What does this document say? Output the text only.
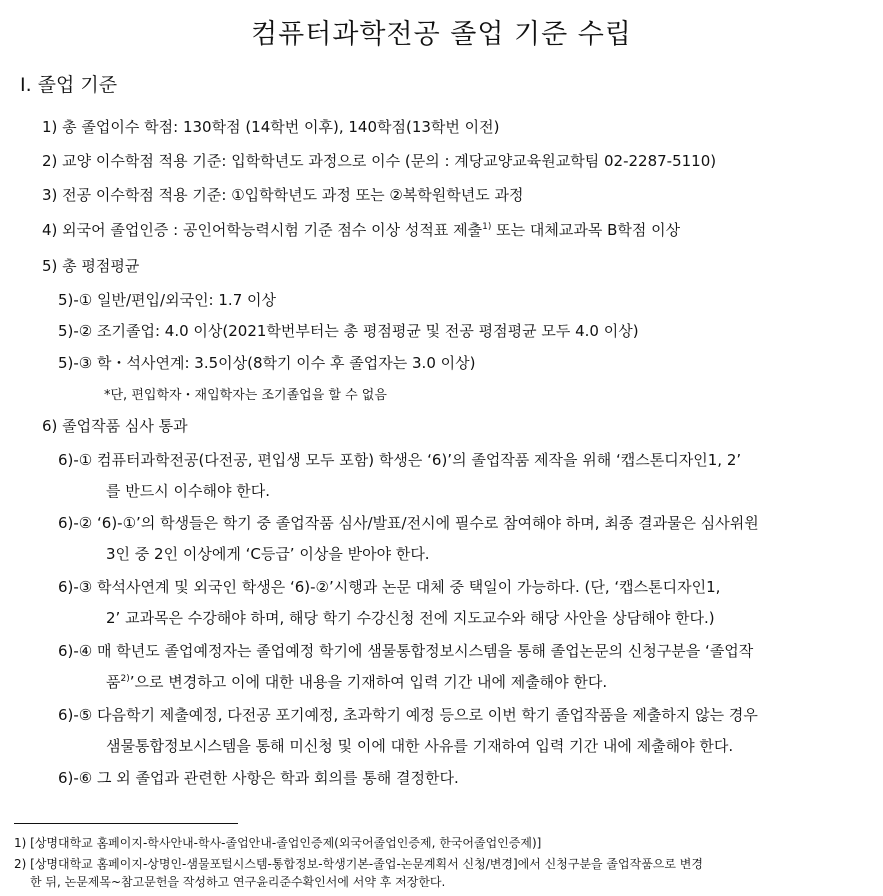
컴퓨터과학전공 졸업 기준 수립
Ⅰ. 졸업 기준
1) 총 졸업이수 학점: 130학점 (14학번 이후), 140학점(13학번 이전)
2) 교양 이수학점 적용 기준: 입학학년도 과정으로 이수 (문의 : 계당교양교육원교학팀 02-2287-5110)
3) 전공 이수학점 적용 기준: ①입학학년도 과정 또는 ②복학원학년도 과정
4) 외국어 졸업인증 : 공인어학능력시험 기준 점수 이상 성적표 제출$^{1)}$ 또는 대체교과목 B학점 이상
5) 총 평점평균
5)-① 일반/편입/외국인: 1.7 이상
5)-② 조기졸업: 4.0 이상(2021학번부터는 총 평점평균 및 전공 평점평균 모두 4.0 이상)
5)-③ 학・석사연계: 3.5이상(8학기 이수 후 졸업자는 3.0 이상)
*단, 편입학자・재입학자는 조기졸업을 할 수 없음
6) 졸업작품 심사 통과
6)-① 컴퓨터과학전공(다전공, 편입생 모두 포함) 학생은 ‘6)’의 졸업작품 제작을 위해 ‘캡스톤디자인1, 2’
를 반드시 이수해야 한다.
6)-② ‘6)-①’의 학생들은 학기 중 졸업작품 심사/발표/전시에 필수로 참여해야 하며, 최종 결과물은 심사위원
3인 중 2인 이상에게 ‘C등급’ 이상을 받아야 한다.
6)-③ 학석사연계 및 외국인 학생은 ‘6)-②’시행과 논문 대체 중 택일이 가능하다. (단, ‘캡스톤디자인1,
2’ 교과목은 수강해야 하며, 해당 학기 수강신청 전에 지도교수와 해당 사안을 상담해야 한다.)
6)-④ 매 학년도 졸업예정자는 졸업예정 학기에 샘물통합정보시스템을 통해 졸업논문의 신청구분을 ‘졸업작
품$^{2)}$’으로 변경하고 이에 대한 내용을 기재하여 입력 기간 내에 제출해야 한다.
6)-⑤ 다음학기 제출예정, 다전공 포기예정, 초과학기 예정 등으로 이번 학기 졸업작품을 제출하지 않는 경우
샘물통합정보시스템을 통해 미신청 및 이에 대한 사유를 기재하여 입력 기간 내에 제출해야 한다.
6)-⑥ 그 외 졸업과 관련한 사항은 학과 회의를 통해 결정한다.
1) [상명대학교 홈페이지-학사안내-학사-졸업안내-졸업인증제(외국어졸업인증제, 한국어졸업인증제)]
2) [상명대학교 홈페이지-상명인-샘물포털시스템-통합정보-학생기본-졸업-논문계획서 신청/변경]에서 신청구분을 졸업작품으로 변경
한 뒤, 논문제목~참고문헌을 작성하고 연구윤리준수확인서에 서약 후 저장한다.
